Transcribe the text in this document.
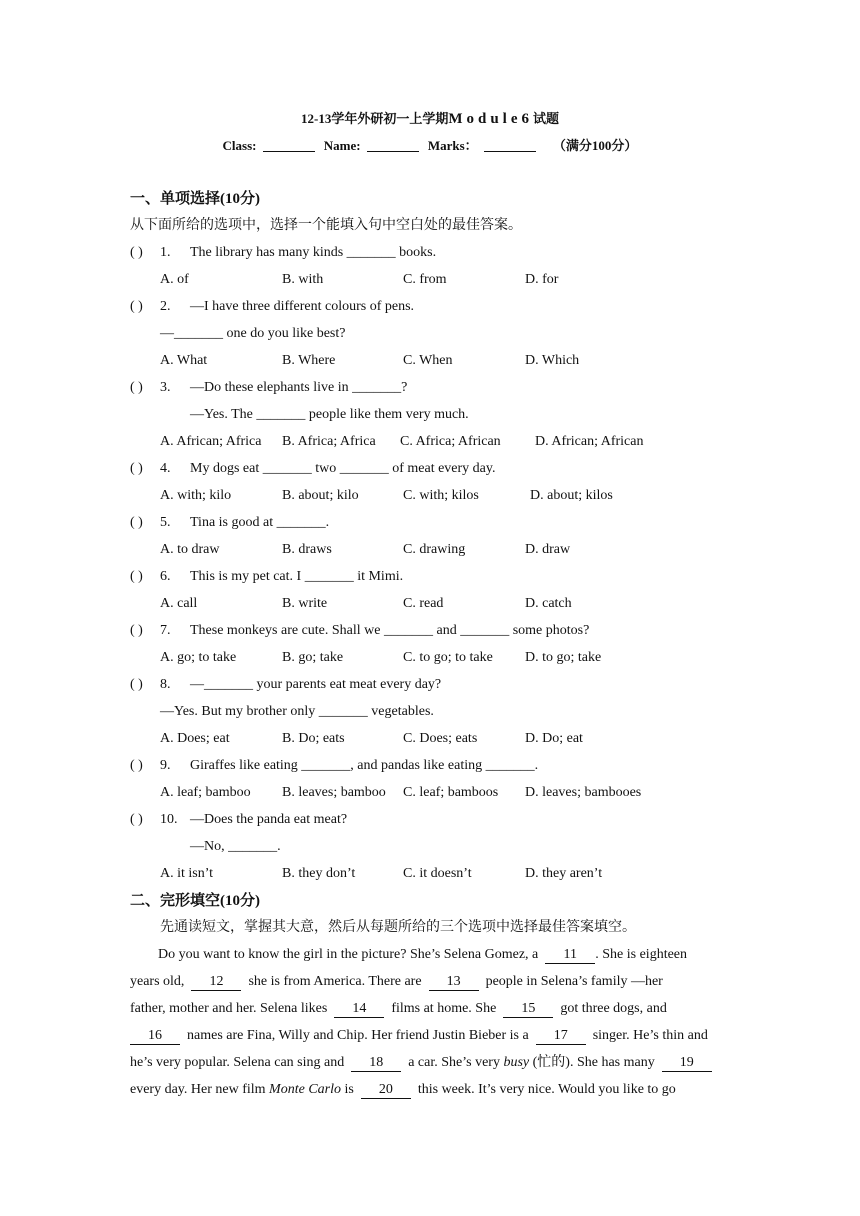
12-13学年外研初一上学期Module6试题
Class:	Name:	Marks：	（满分100分）
一、单项选择(10分)
从下面所给的选项中，选择一个能填入句中空白处的最佳答案。
( ) 1. The library has many kinds _______ books.
A. of	B. with	C. from	D. for
( ) 2. —I have three different colours of pens.
—_______ one do you like best?
A. What	B. Where	C. When	D. Which
( ) 3. —Do these elephants live in _______?
—Yes. The _______ people like them very much.
A. African; Africa B. Africa; Africa C. Africa; African D. African; African
( ) 4. My dogs eat _______ two _______ of meat every day.
A. with; kilo	B. about; kilo	C. with; kilos	D. about; kilos
( ) 5. Tina is good at _______.
A. to draw	B. draws	C. drawing	D. draw
( ) 6. This is my pet cat. I _______ it Mimi.
A. call	B. write	C. read	D. catch
( ) 7. These monkeys are cute. Shall we _______ and _______ some photos?
A. go; to take	B. go; take	C. to go; to take D. to go; take
( ) 8. —_______ your parents eat meat every day?
—Yes. But my brother only _______ vegetables.
A. Does; eat	B. Do; eats	C. Does; eats	D. Do; eat
( ) 9. Giraffes like eating _______, and pandas like eating _______.
A. leaf; bamboo B. leaves; bamboo C. leaf; bamboos D. leaves; bambooes
( ) 10. —Does the panda eat meat?
—No, _______.
A. it isn’t	B. they don’t	C. it doesn’t	D. they aren’t
二、完形填空(10分)
先通读短文，掌握其大意，然后从每题所给的三个选项中选择最佳答案填空。
Do you want to know the girl in the picture? She’s Selena Gomez, a 11 . She is eighteen
years old, 12 she is from America. There are 13 people in Selena’s family —her
father, mother and her. Selena likes 14 films at home. She 15 got three dogs, and
16 names are Fina, Willy and Chip. Her friend Justin Bieber is a 17 singer. He’s thin and
he’s very popular. Selena can sing and 18 a car. She’s very busy (忙的). She has many 19
every day. Her new film Monte Carlo is 20 this week. It’s very nice. Would you like to go
